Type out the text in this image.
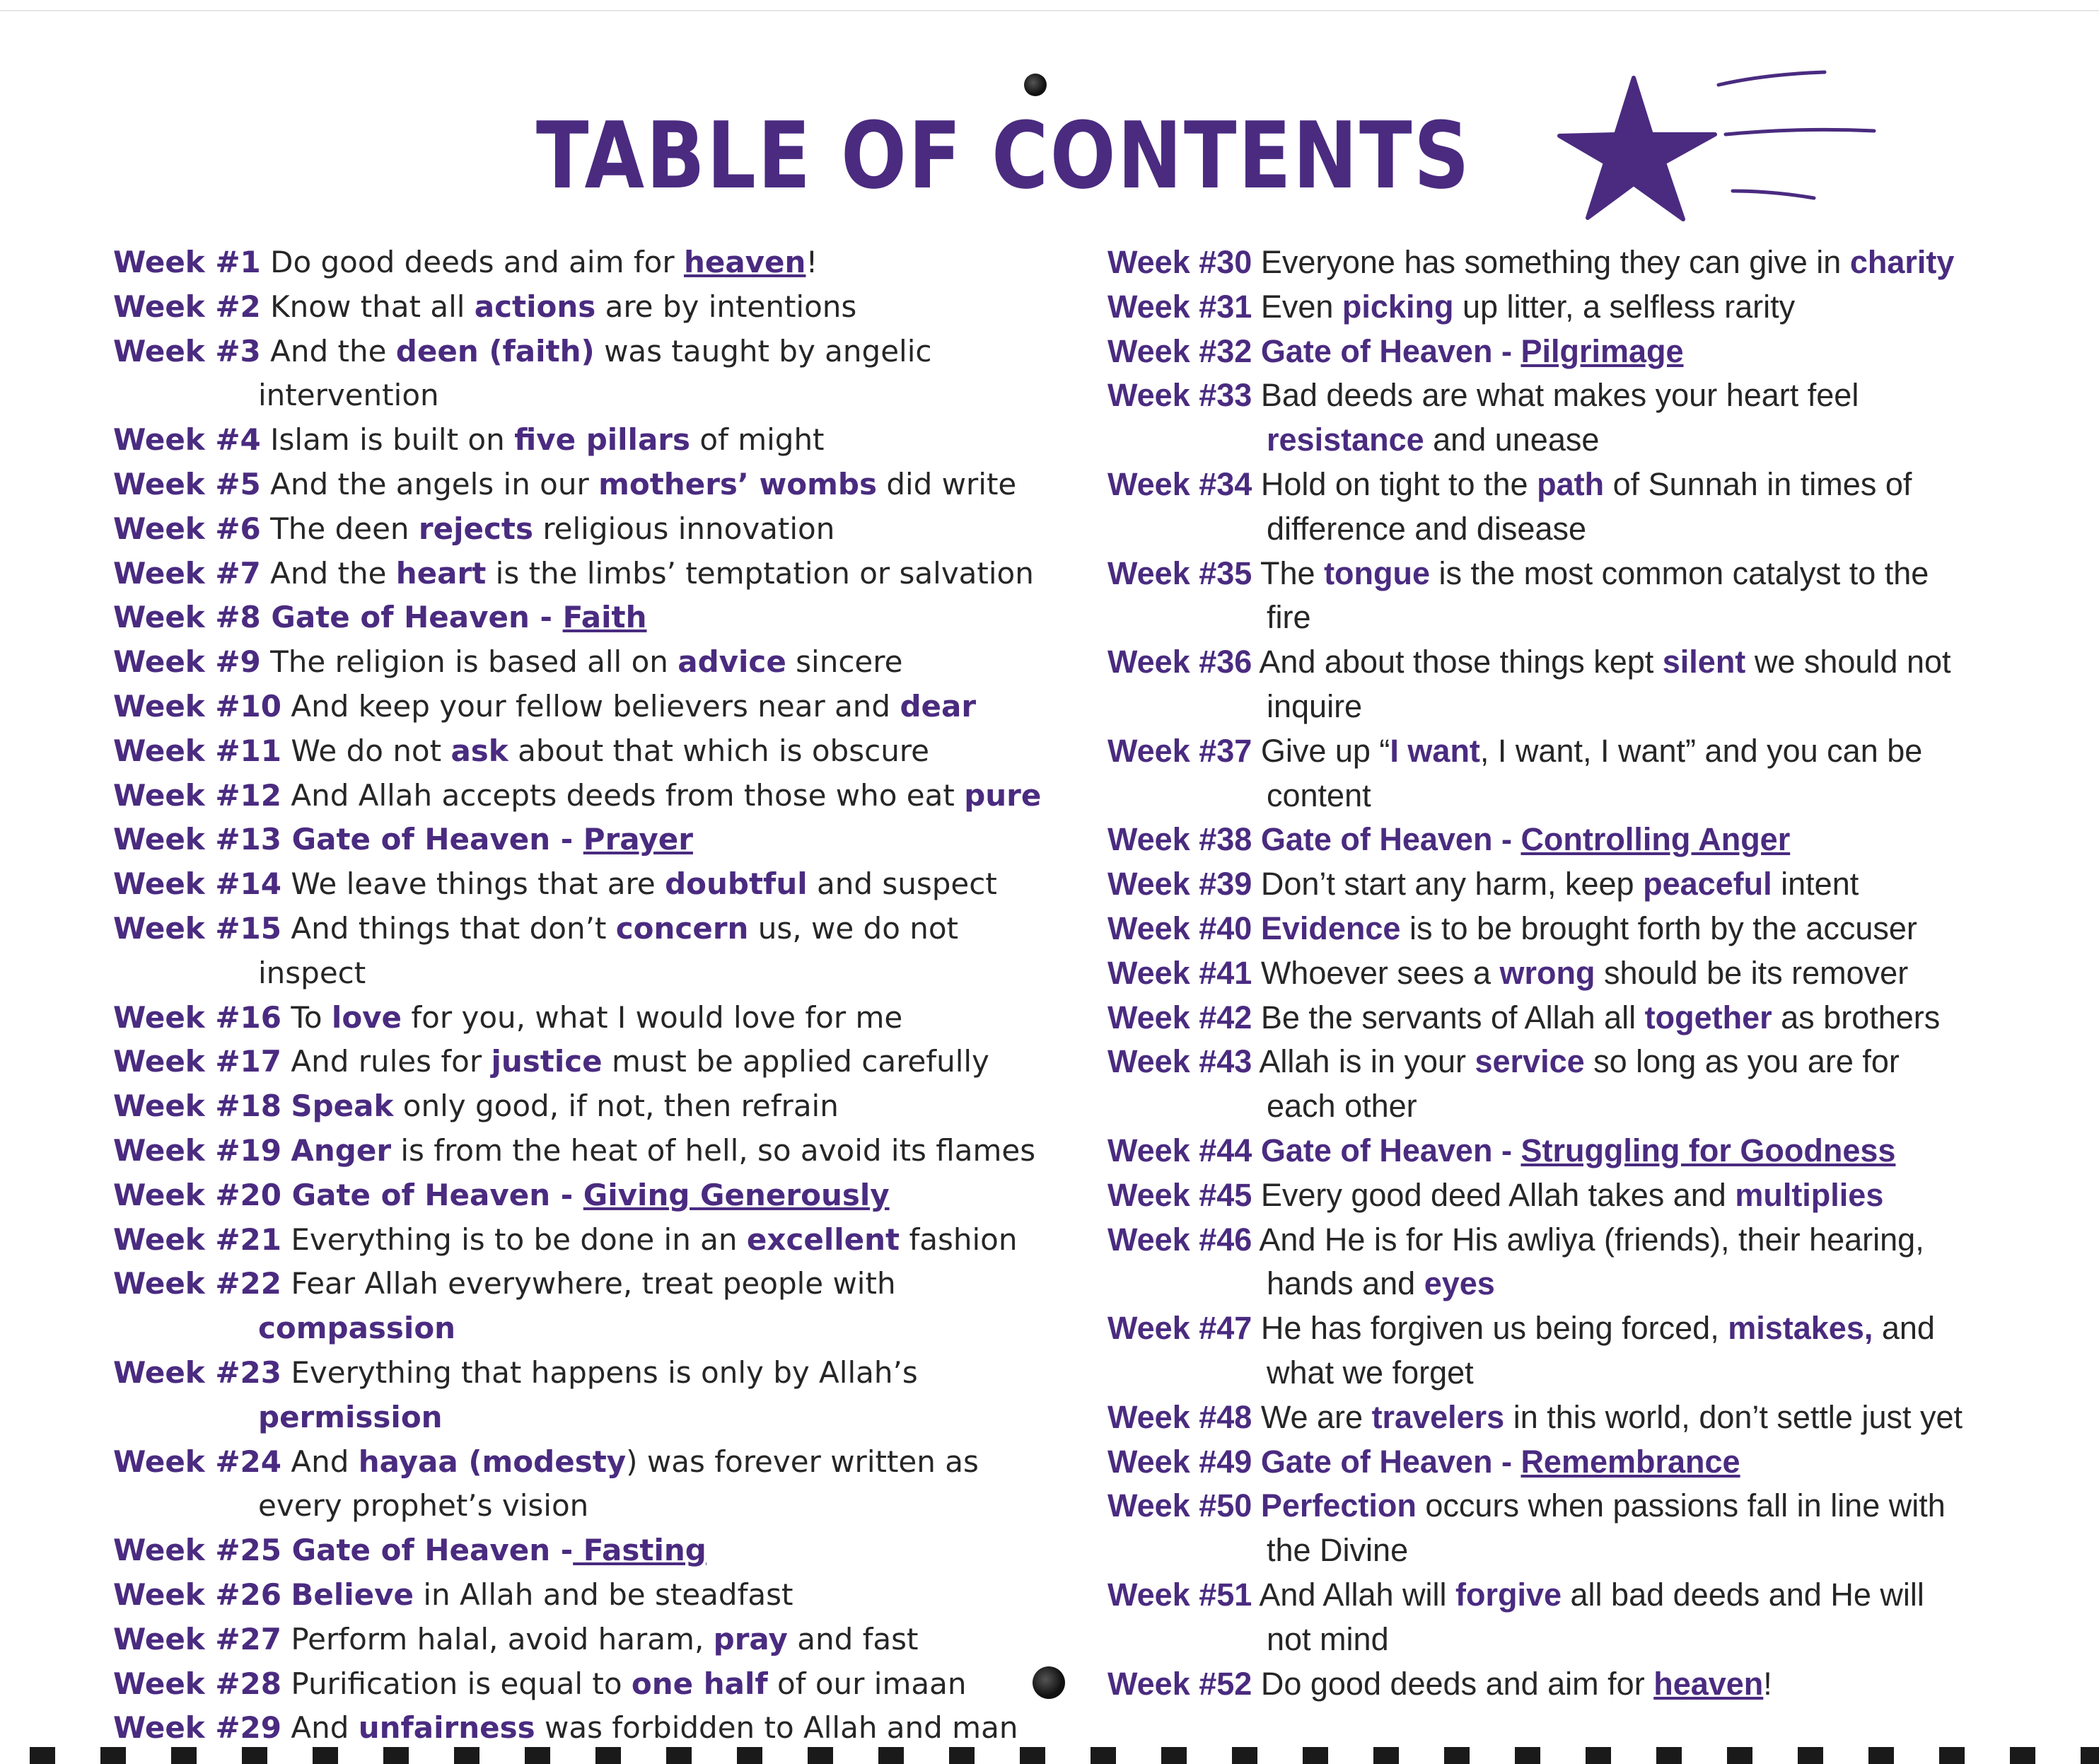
TABLE OF CONTENTS
Week #1 Do good deeds and aim for heaven!
Week #2 Know that all actions are by intentions
Week #3 And the deen (faith) was taught by angelic
intervention
Week #4 Islam is built on five pillars of might
Week #5 And the angels in our mothers’ wombs did write
Week #6 The deen rejects religious innovation
Week #7 And the heart is the limbs’ temptation or salvation
Week #8 Gate of Heaven - Faith
Week #9 The religion is based all on advice sincere
Week #10 And keep your fellow believers near and dear
Week #11 We do not ask about that which is obscure
Week #12 And Allah accepts deeds from those who eat pure
Week #13 Gate of Heaven - Prayer
Week #14 We leave things that are doubtful and suspect
Week #15 And things that don’t concern us, we do not
inspect
Week #16 To love for you, what I would love for me
Week #17 And rules for justice must be applied carefully
Week #18 Speak only good, if not, then refrain
Week #19 Anger is from the heat of hell, so avoid its flames
Week #20 Gate of Heaven - Giving Generously
Week #21 Everything is to be done in an excellent fashion
Week #22 Fear Allah everywhere, treat people with
compassion
Week #23 Everything that happens is only by Allah’s
permission
Week #24 And hayaa (modesty) was forever written as
every prophet’s vision
Week #25 Gate of Heaven - Fasting
Week #26 Believe in Allah and be steadfast
Week #27 Perform halal, avoid haram, pray and fast
Week #28 Purification is equal to one half of our imaan
Week #29 And unfairness was forbidden to Allah and man
Week #30 Everyone has something they can give in charity
Week #31 Even picking up litter, a selfless rarity
Week #32 Gate of Heaven - Pilgrimage
Week #33 Bad deeds are what makes your heart feel
resistance and unease
Week #34 Hold on tight to the path of Sunnah in times of
difference and disease
Week #35 The tongue is the most common catalyst to the
fire
Week #36 And about those things kept silent we should not
inquire
Week #37 Give up “I want, I want, I want” and you can be
content
Week #38 Gate of Heaven - Controlling Anger
Week #39 Don’t start any harm, keep peaceful intent
Week #40 Evidence is to be brought forth by the accuser
Week #41 Whoever sees a wrong should be its remover
Week #42 Be the servants of Allah all together as brothers
Week #43 Allah is in your service so long as you are for
each other
Week #44 Gate of Heaven - Struggling for Goodness
Week #45 Every good deed Allah takes and multiplies
Week #46 And He is for His awliya (friends), their hearing,
hands and eyes
Week #47 He has forgiven us being forced, mistakes, and
what we forget
Week #48 We are travelers in this world, don’t settle just yet
Week #49 Gate of Heaven - Remembrance
Week #50 Perfection occurs when passions fall in line with
the Divine
Week #51 And Allah will forgive all bad deeds and He will
not mind
Week #52 Do good deeds and aim for heaven!
